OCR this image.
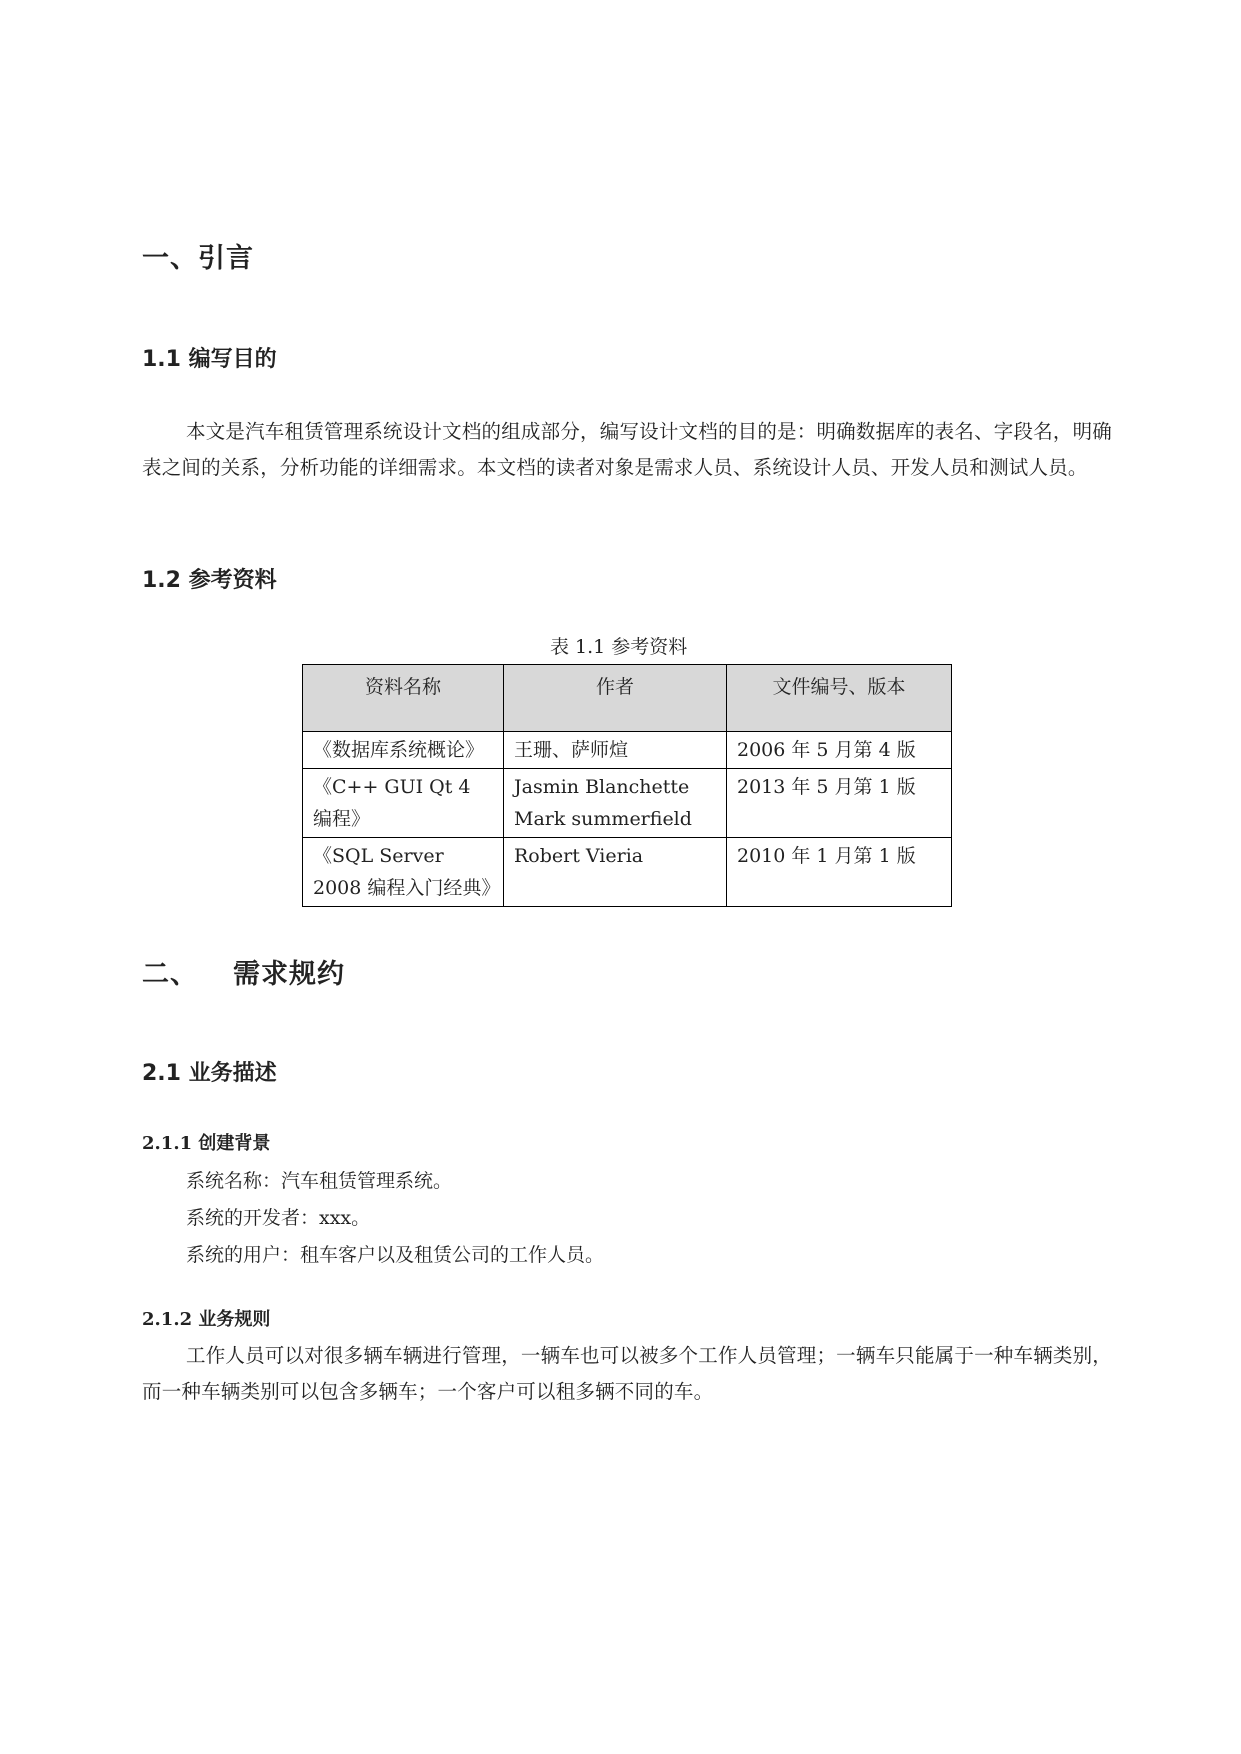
一、引言
1.1 编写目的
本文是汽车租赁管理系统设计文档的组成部分，编写设计文档的目的是：明确数据库的表名、字段名，明确表之间的关系，分析功能的详细需求。本文档的读者对象是需求人员、系统设计人员、开发人员和测试人员。
1.2 参考资料
表 1.1 参考资料
资料名称	作者	文件编号、版本
《数据库系统概论》	王珊、萨师煊	2006 年 5 月第 4 版
《C++ GUI Qt 4 编程》	Jasmin Blanchette Mark summerfield	2013 年 5 月第 1 版
《SQL Server 2008 编程入门经典》	Robert Vieria	2010 年 1 月第 1 版
二、 需求规约
2.1 业务描述
2.1.1 创建背景
系统名称：汽车租赁管理系统。
系统的开发者：xxx。
系统的用户：租车客户以及租赁公司的工作人员。
2.1.2 业务规则
工作人员可以对很多辆车辆进行管理，一辆车也可以被多个工作人员管理；一辆车只能属于一种车辆类别，而一种车辆类别可以包含多辆车；一个客户可以租多辆不同的车。
